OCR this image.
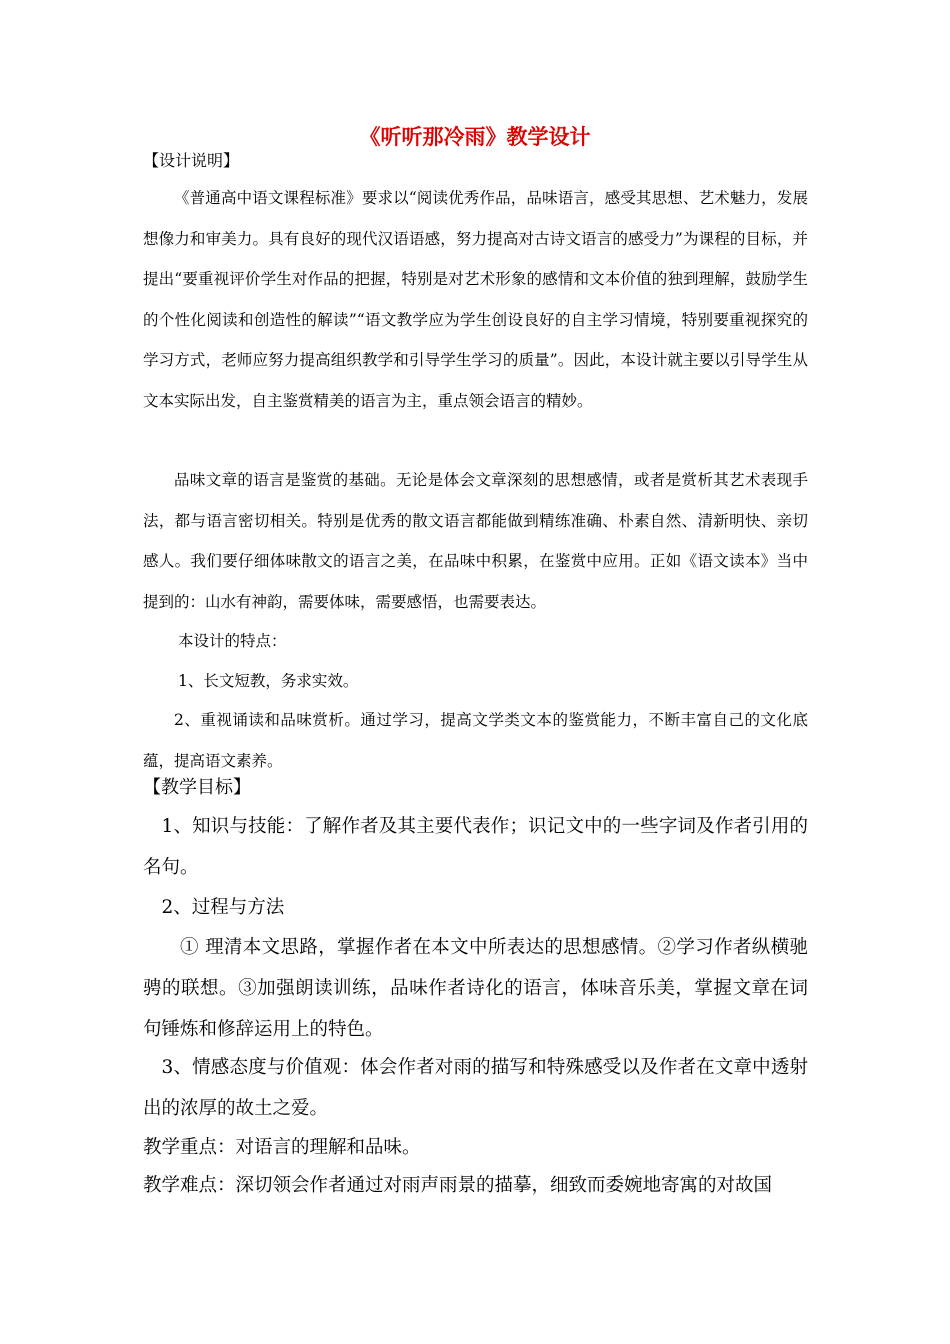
《听听那冷雨》教学设计
【设计说明】

《普通高中语文课程标准》要求以“阅读优秀作品，品味语言，感受其思想、艺术魅力，发展想像力和审美力。具有良好的现代汉语语感，努力提高对古诗文语言的感受力”为课程的目标，并提出“要重视评价学生对作品的把握，特别是对艺术形象的感情和文本价值的独到理解，鼓励学生的个性化阅读和创造性的解读”“语文教学应为学生创设良好的自主学习情境，特别要重视探究的学习方式，老师应努力提高组织教学和引导学生学习的质量”。因此，本设计就主要以引导学生从文本实际出发，自主鉴赏精美的语言为主，重点领会语言的精妙。

品味文章的语言是鉴赏的基础。无论是体会文章深刻的思想感情，或者是赏析其艺术表现手法，都与语言密切相关。特别是优秀的散文语言都能做到精练准确、朴素自然、清新明快、亲切感人。我们要仔细体味散文的语言之美，在品味中积累，在鉴赏中应用。正如《语文读本》当中提到的：山水有神韵，需要体味，需要感悟，也需要表达。

本设计的特点：

1、长文短教，务求实效。

2、重视诵读和品味赏析。通过学习，提高文学类文本的鉴赏能力，不断丰富自己的文化底蕴，提高语文素养。

【教学目标】

1、知识与技能：了解作者及其主要代表作；识记文中的一些字词及作者引用的名句。

2、过程与方法

① 理清本文思路，掌握作者在本文中所表达的思想感情。②学习作者纵横驰骋的联想。③加强朗读训练，品味作者诗化的语言，体味音乐美，掌握文章在词句锤炼和修辞运用上的特色。

3、情感态度与价值观：体会作者对雨的描写和特殊感受以及作者在文章中透射出的浓厚的故土之爱。

教学重点：对语言的理解和品味。

教学难点：深切领会作者通过对雨声雨景的描摹，细致而委婉地寄寓的对故国
